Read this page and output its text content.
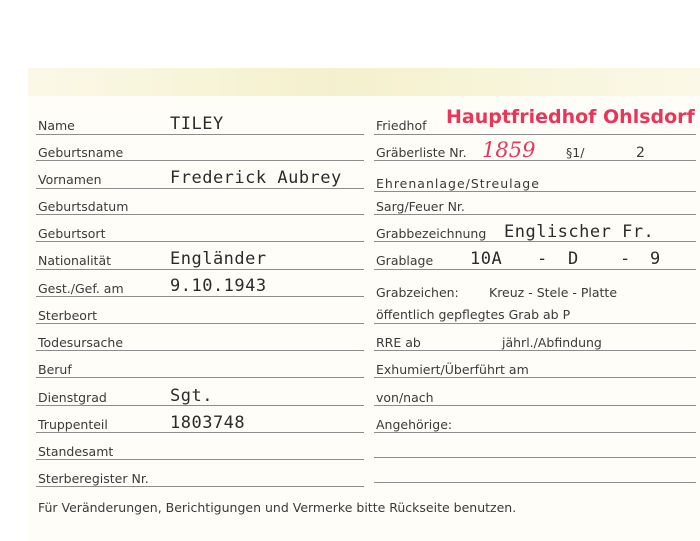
Name	TILEY
Geburtsname
Vornamen	Frederick Aubrey
Geburtsdatum
Geburtsort
Nationalität	Engländer
Gest./Gef. am	9.10.1943
Sterbeort
Todesursache
Beruf
Dienstgrad	Sgt.
Truppenteil	1803748
Standesamt
Sterberegister Nr.
Friedhof Hauptfriedhof Ohlsdorf
Gräberliste Nr. 1859 §1/	2
Ehrenanlage/Streulage
Sarg/Feuer Nr.
Grabbezeichnung Englischer Fr.
Grablage 10A - D - 9
Grabzeichen: Kreuz - Stele - Platte
öffentlich gepflegtes Grab ab P
RRE ab	jährl./Abfindung
Exhumiert/Überführt am
von/nach
Angehörige:
Für Veränderungen, Berichtigungen und Vermerke bitte Rückseite benutzen.
